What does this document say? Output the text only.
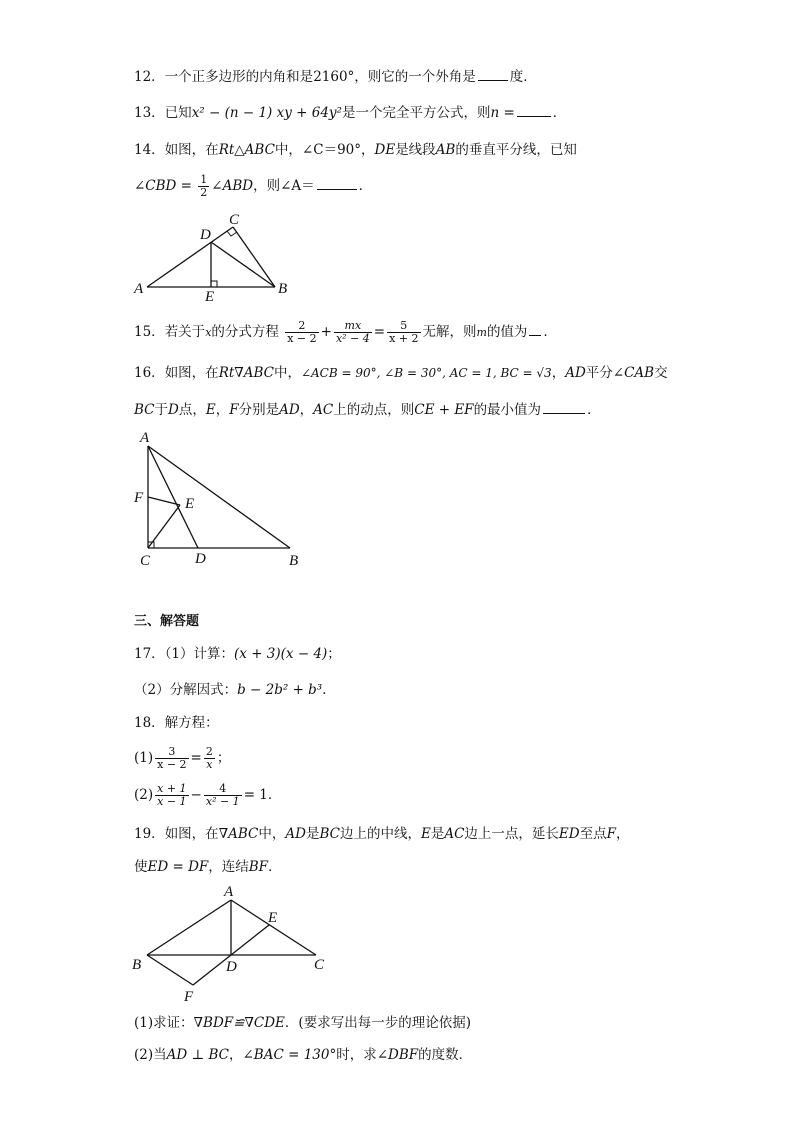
12．一个正多边形的内角和是2160°，则它的一个外角是	度．
13．已知x² − (n − 1) xy + 64y²是一个完全平方公式，则n =	．
14．如图，在Rt△ABC中，∠C＝90°，DE是线段AB的垂直平分线，已知
∠CBD = $\frac{1}{2}$ ∠ABD，则∠A＝	．
A	B
C
D
E
15．若关于x的分式方程 $\frac{2}{x - 2} + \frac{mx}{\text{x² − 4}} = \frac{5}{x + 2}$ 无解，则m的值为 ．
16．如图，在Rt∇ABC中，∠ACB = 90°, ∠B = 30°, AC = 1, BC = √3，AD平分∠CAB交
BC于D点，E，F分别是AD，AC上的动点，则CE + EF的最小值为	．
A
B
C	D
E
F
三、解答题
17．（1）计算：(x + 3)(x − 4)；
（2）分解因式：b − 2b² + b³．
18．解方程：
$(1) \frac{3}{x - 2} = \frac{2}{x}$ ；
$(2) \frac{x + 1}{x - 1} - \frac{4}{\text{x² − 1}} = 1$．
19．如图，在∇ABC中，AD是BC边上的中线，E是AC边上一点，延长ED至点F，
使ED = DF，连结BF．
A
B	C
D
E
F
(1)求证：∇BDF≌∇CDE．(要求写出每一步的理论依据)
(2)当AD ⊥ BC，∠BAC = 130°时，求∠DBF的度数．
